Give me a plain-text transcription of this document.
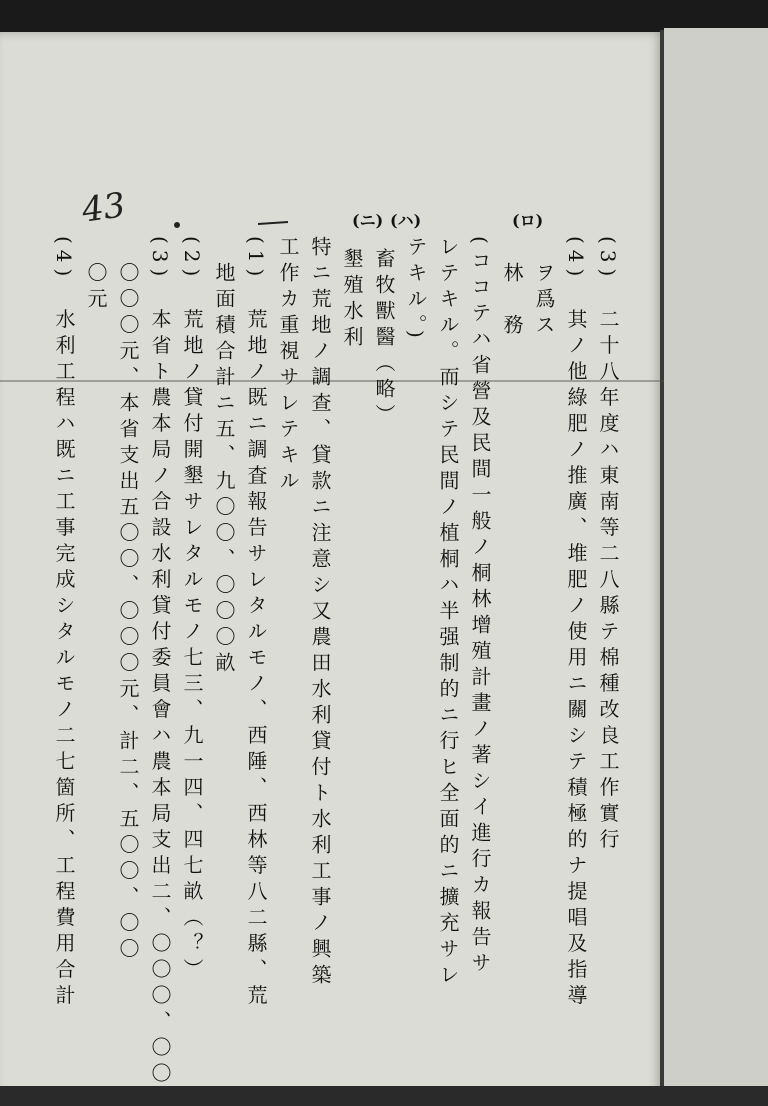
43	(ニ) (ハ)	(ロ)
(3)　二十八年度ハ東南等二八縣テ棉種改良工作實行
(4)　其ノ他綠肥ノ推廣、堆肥ノ使用ニ關シテ積極的ナ提唱及指導
ヲ爲ス
林　務
(ココテハ省營及民間一般ノ桐林增殖計畫ノ著シイ進行カ報告サ
レテキル。而シテ民間ノ植桐ハ半强制的ニ行ヒ全面的ニ擴充サレ
テキル。)
畜牧獸醫（略）
墾殖水利
特ニ荒地ノ調查、貸款ニ注意シ又農田水利貸付ト水利工事ノ興築
工作カ重視サレテキル
(1)　荒地ノ既ニ調査報告サレタルモノ、西陲、西林等八二縣、荒
地面積合計ニ五、九〇〇、〇〇〇畝
(2)　荒地ノ貸付開墾サレタルモノ七三、九一四、四七畝（？）
(3)　本省ト農本局ノ合設水利貸付委員會ハ農本局支出二、〇〇〇、〇〇
〇〇〇元、本省支出五〇〇、〇〇〇元、計二、五〇〇、〇〇
〇元
(4)　水利工程ハ既ニ工事完成シタルモノ二七箇所、工程費用合計
